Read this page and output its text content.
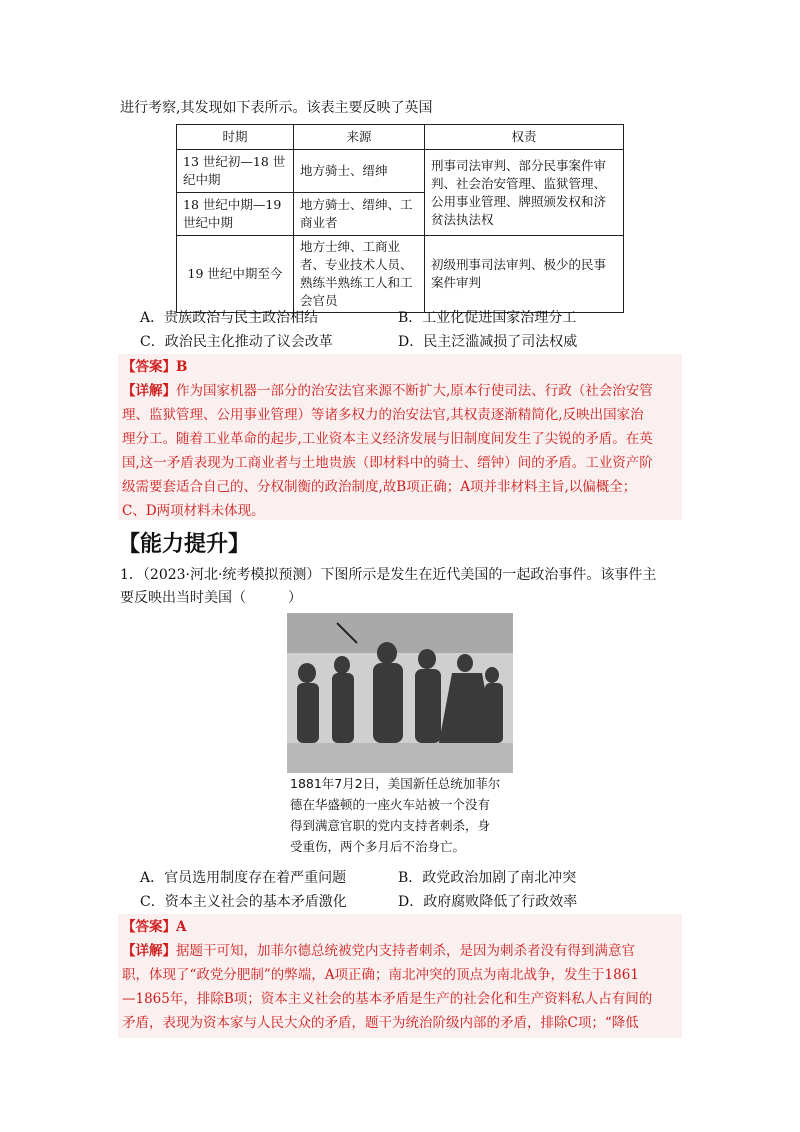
进行考察,其发现如下表所示。该表主要反映了英国
时期	来源	权责
13 世纪初—18 世纪中期	地方骑士、缙绅	刑事司法审判、部分民事案件审判、社会治安管理、监狱管理、公用事业管理、牌照颁发权和济贫法执法权
18 世纪中期—19 世纪中期	地方骑士、缙绅、工商业者	
19 世纪中期至今	地方士绅、工商业者、专业技术人员、熟练半熟练工人和工会官员	初级刑事司法审判、极少的民事案件审判
A．贵族政治与民主政治相结	B．工业化促进国家治理分工
C．政治民主化推动了议会改革	D．民主泛滥减损了司法权威
【答案】B
【详解】作为国家机器一部分的治安法官来源不断扩大,原本行使司法、行政（社会治安管
理、监狱管理、公用事业管理）等诸多权力的治安法官,其权责逐渐精简化,反映出国家治
理分工。随着工业革命的起步,工业资本主义经济发展与旧制度间发生了尖锐的矛盾。在英
国,这一矛盾表现为工商业者与土地贵族（即材料中的骑士、缙钟）间的矛盾。工业资产阶
级需要套适合自己的、分权制衡的政治制度,故B项正确；A项并非材料主旨,以偏概全；
C、D两项材料未体现。
【能力提升】
1．（2023·河北·统考模拟预测）下图所示是发生在近代美国的一起政治事件。该事件主
要反映出当时美国（　　　）
1881年7月2日，美国新任总统加菲尔
德在华盛顿的一座火车站被一个没有
得到满意官职的党内支持者刺杀，身
受重伤，两个多月后不治身亡。
A．官员选用制度存在着严重问题	B．政党政治加剧了南北冲突
C．资本主义社会的基本矛盾激化	D．政府腐败降低了行政效率
【答案】A
【详解】据题干可知，加菲尔德总统被党内支持者刺杀，是因为刺杀者没有得到满意官
职，体现了“政党分肥制”的弊端，A项正确；南北冲突的顶点为南北战争，发生于1861
—1865年，排除B项；资本主义社会的基本矛盾是生产的社会化和生产资料私人占有间的
矛盾，表现为资本家与人民大众的矛盾，题干为统治阶级内部的矛盾，排除C项；“降低
